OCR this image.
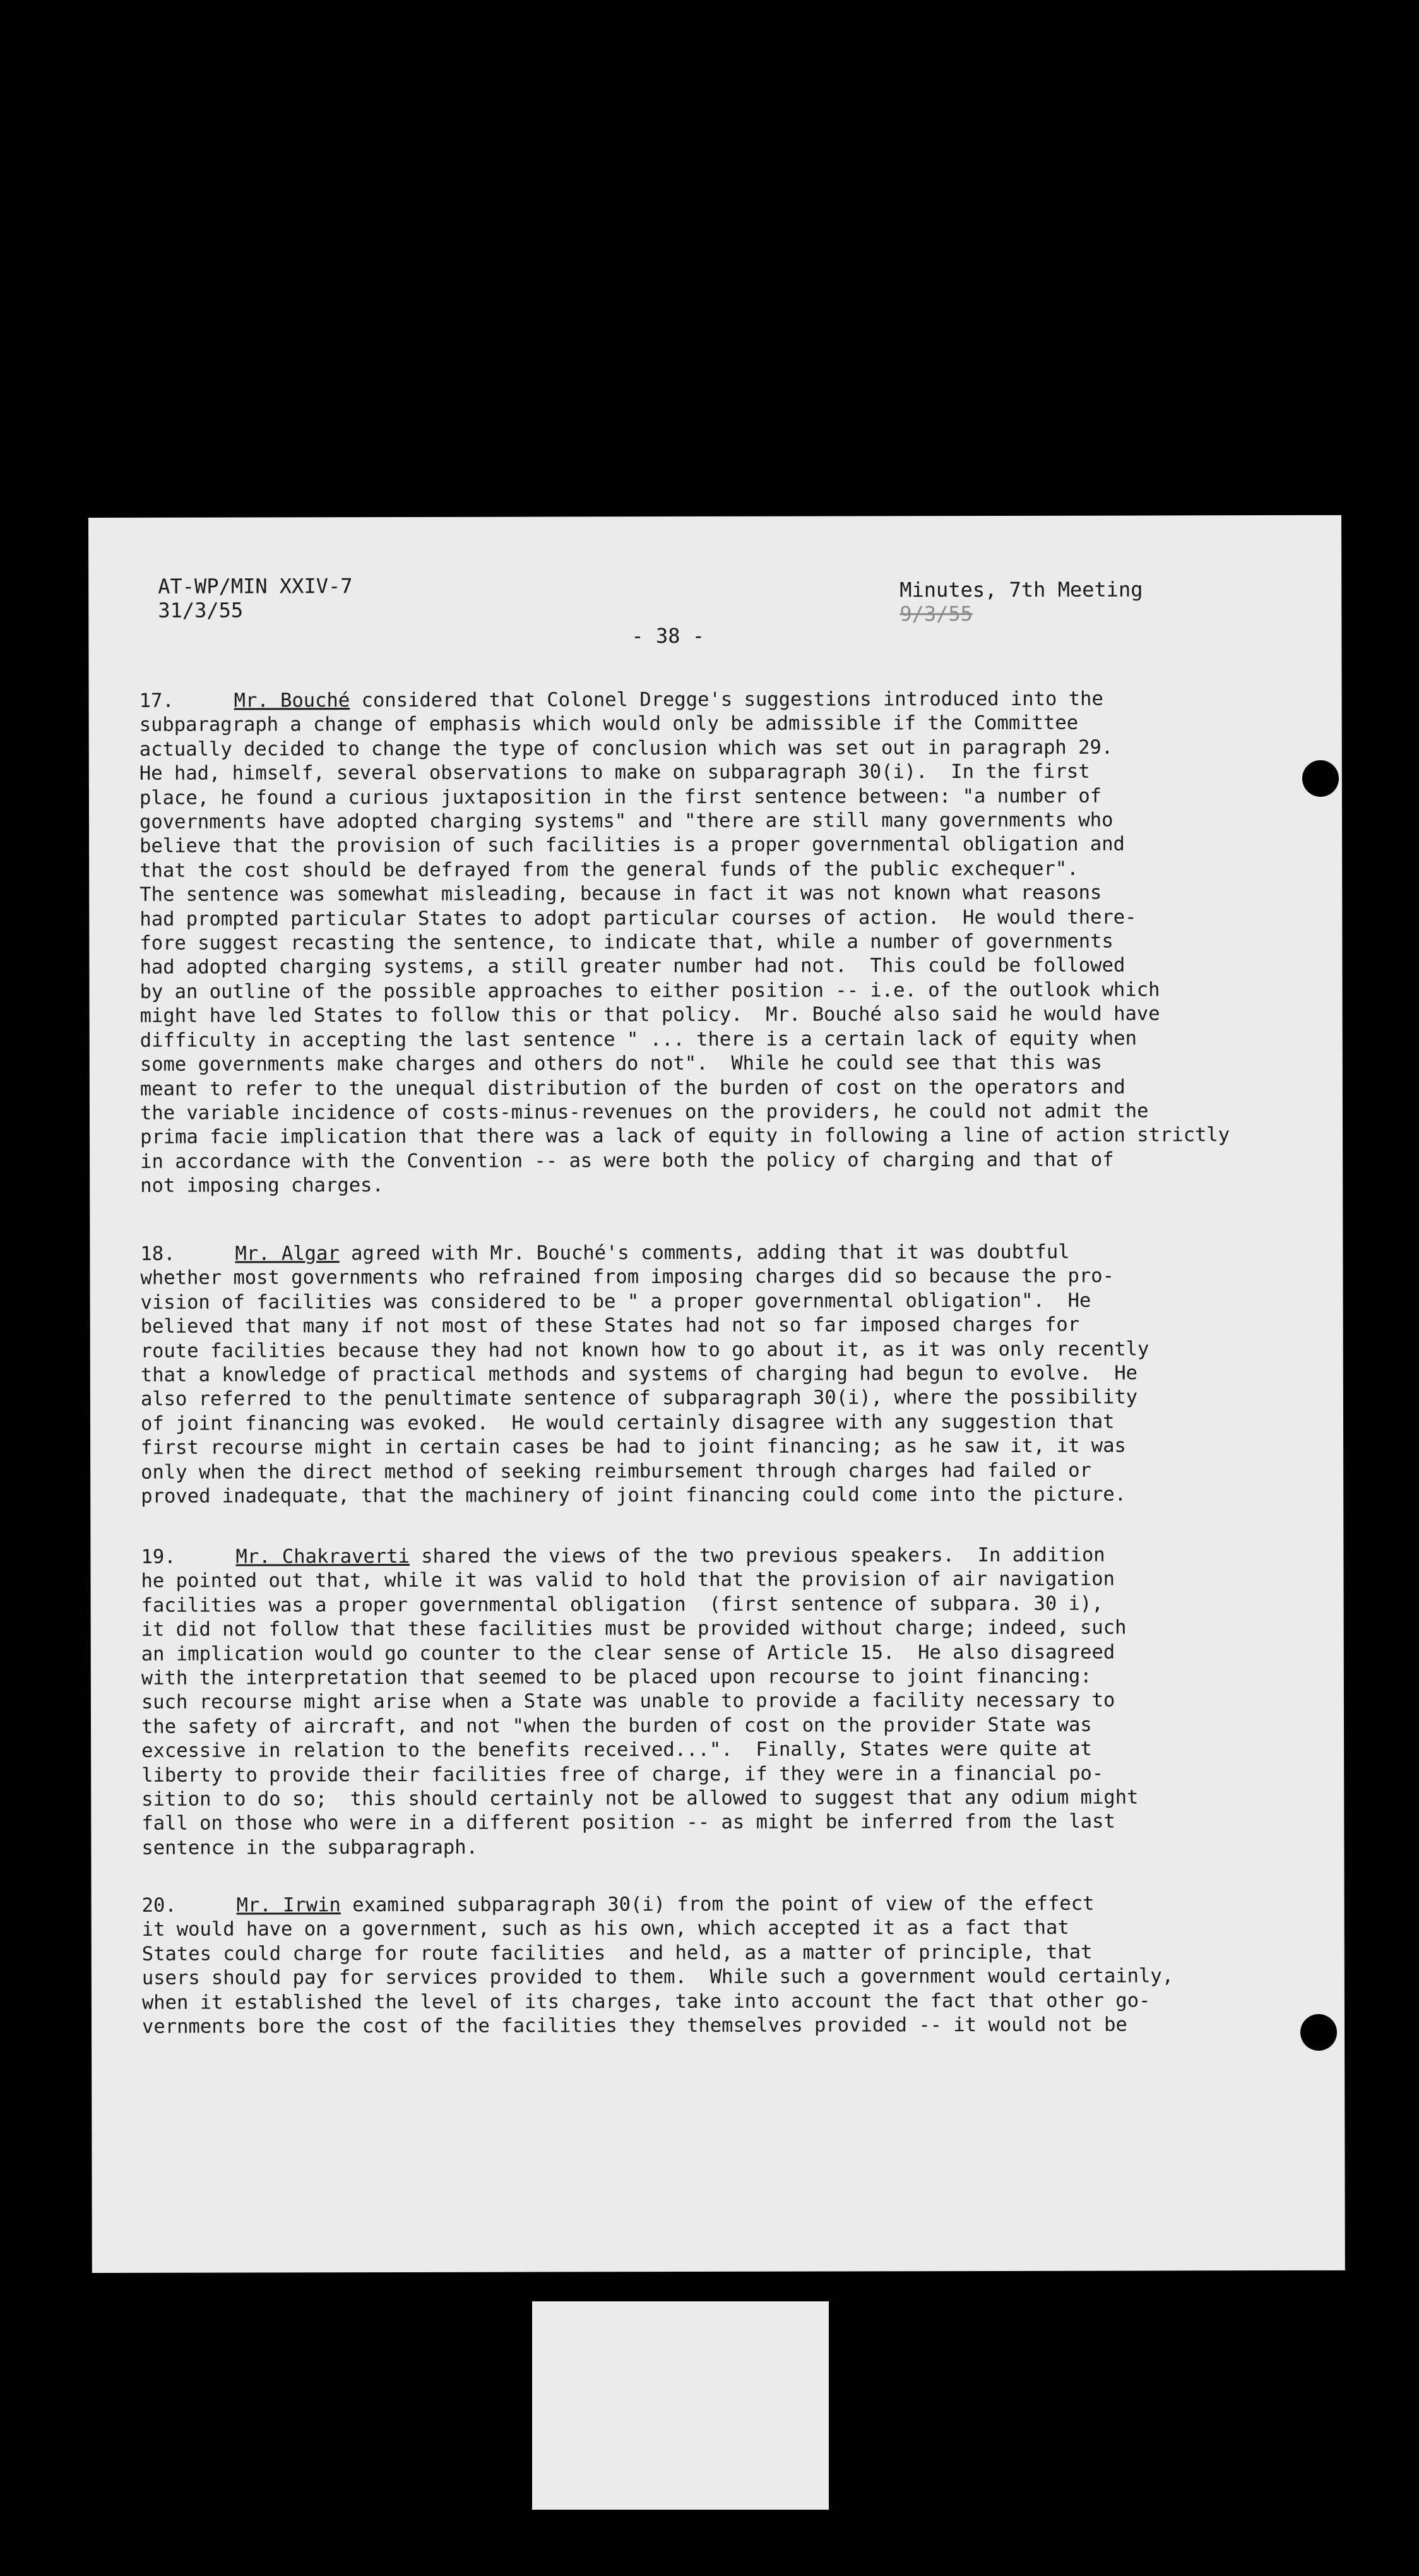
AT-WP/MIN XXIV-7
31/3/55
Minutes, 7th Meeting
9/3/55
- 38 -
17.	Mr. Bouché considered that Colonel Dregge's suggestions introduced into the
subparagraph a change of emphasis which would only be admissible if the Committee
actually decided to change the type of conclusion which was set out in paragraph 29.
He had, himself, several observations to make on subparagraph 30(i).  In the first
place, he found a curious juxtaposition in the first sentence between: "a number of
governments have adopted charging systems" and "there are still many governments who
believe that the provision of such facilities is a proper governmental obligation and
that the cost should be defrayed from the general funds of the public exchequer".
The sentence was somewhat misleading, because in fact it was not known what reasons
had prompted particular States to adopt particular courses of action.  He would there-
fore suggest recasting the sentence, to indicate that, while a number of governments
had adopted charging systems, a still greater number had not.  This could be followed
by an outline of the possible approaches to either position -- i.e. of the outlook which
might have led States to follow this or that policy.  Mr. Bouché also said he would have
difficulty in accepting the last sentence " ... there is a certain lack of equity when
some governments make charges and others do not".  While he could see that this was
meant to refer to the unequal distribution of the burden of cost on the operators and
the variable incidence of costs-minus-revenues on the providers, he could not admit the
prima facie implication that there was a lack of equity in following a line of action strictly
in accordance with the Convention -- as were both the policy of charging and that of
not imposing charges.
18.	Mr. Algar agreed with Mr. Bouché's comments, adding that it was doubtful
whether most governments who refrained from imposing charges did so because the pro-
vision of facilities was considered to be " a proper governmental obligation".  He
believed that many if not most of these States had not so far imposed charges for
route facilities because they had not known how to go about it, as it was only recently
that a knowledge of practical methods and systems of charging had begun to evolve.  He
also referred to the penultimate sentence of subparagraph 30(i), where the possibility
of joint financing was evoked.  He would certainly disagree with any suggestion that
first recourse might in certain cases be had to joint financing; as he saw it, it was
only when the direct method of seeking reimbursement through charges had failed or
proved inadequate, that the machinery of joint financing could come into the picture.
19.	Mr. Chakraverti shared the views of the two previous speakers.  In addition
he pointed out that, while it was valid to hold that the provision of air navigation
facilities was a proper governmental obligation  (first sentence of subpara. 30 i),
it did not follow that these facilities must be provided without charge; indeed, such
an implication would go counter to the clear sense of Article 15.  He also disagreed
with the interpretation that seemed to be placed upon recourse to joint financing:
such recourse might arise when a State was unable to provide a facility necessary to
the safety of aircraft, and not "when the burden of cost on the provider State was
excessive in relation to the benefits received...".  Finally, States were quite at
liberty to provide their facilities free of charge, if they were in a financial po-
sition to do so;  this should certainly not be allowed to suggest that any odium might
fall on those who were in a different position -- as might be inferred from the last
sentence in the subparagraph.
20.	Mr. Irwin examined subparagraph 30(i) from the point of view of the effect
it would have on a government, such as his own, which accepted it as a fact that
States could charge for route facilities  and held, as a matter of principle, that
users should pay for services provided to them.  While such a government would certainly,
when it established the level of its charges, take into account the fact that other go-
vernments bore the cost of the facilities they themselves provided -- it would not be
